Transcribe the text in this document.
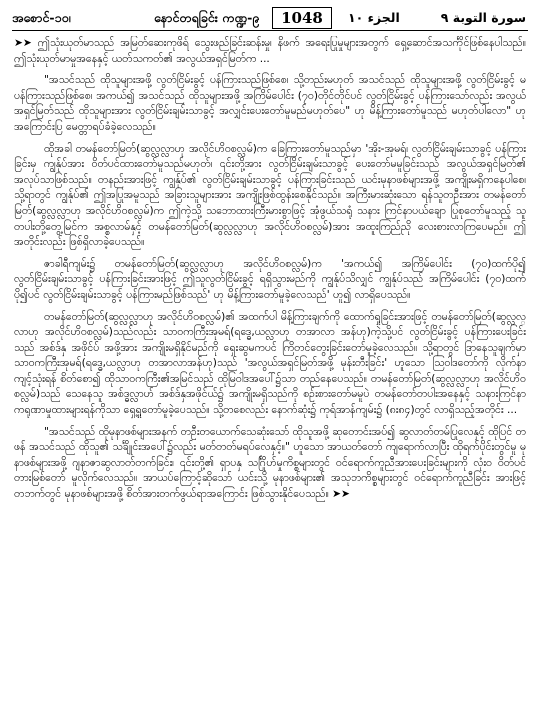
အစောင်-၁၀၊	နောင်တရခြင်း ကဏ္ဍ-၉	1048	الجزء ١٠	سورة التوبة ٩

➤➤ ဤသုံးယုတ်မာသည် အမြတ်ဆေးကုဖိရ် သွေးဖည်ခြင်းဆန်းမှု၊ နိဖက် အရေးပြုမှုများအတွက် ရှေ့ဆောင်အသင်္ကိုင်ဖြစ်နေပါသည်။ ဤသုံးယုတ်မာမှုအနေနှင့် ယတ်သကတ်၏ အလွယ်အရှင်မြတ်က ...

"အသင်သည် ထိုသူများအဖို့ လွတ်ငြိမ်းခွင့် ပန်ကြားသည်ဖြစ်စေ၊ သို့တည်းမဟုတ် အသင်သည် ထိုသူများအဖို့ လွတ်ငြိမ်းခွင့် မပန်ကြားသည်ဖြစ်စေ၊ အကယ်၍ အသင်သည် ထိုသူများအဖို့ အကြိမ်ပေါင်း (၇၀)တိုင်တိုင်ပင် လွတ်ငြိမ်းခွင့် ပန်ကြားသော်လည်း အလွယ်အရှင်မြတ်သည် ထိုသူများအား လွတ်ငြိမ်းချမ်းသာခွင့် အလျှင်းပေးတော်မူမည်မဟုတ်ပေ" ဟု မိန့်ကြားတော်မူသည် မဟုတ်ပါလော" ဟု အကြောင်းပြ မေတ္တာရပ်ခံခဲ့လေသည်။

ထိုအခါ တမန်တော်မြတ်(ဆွလ္လလ္လာဟု အလိုင်ဟိဝစလ္လမ်)က ခြေကြားတော်မူသည်မှာ 'အိုး-အုမရ်၊ လွတ်ငြိမ်းချမ်းသာခွင့် ပန်ကြားခြင်းမှ ကျွန်ုပ်အား ဝိတ်ပင်ထားတော်မူသည်မဟုတ်၊ ၎င်းတို့အား လွတ်ငြိမ်းချမ်းသာခွင့် ပေးတော်မမူခြင်းသည် အလွယ်အရှင်မြတ်၏ အလုပ်သာဖြစ်သည်။ တနည်းအားဖြင့် ကျွန်ုပ်၏ လွတ်ငြိမ်းချမ်းသာခွင့် ပန်ကြားခြင်းသည် ယင်းမုနာဖစ်များအဖို့ အကျိုးမရှိကနေပါစေ၊ သို့ရာတွင် ကျွန်ုပ်၏ ဤအပြုအမူသည် အခြားသူများအား အကျိုးဖြစ်ထွန်းစေနိုင်သည်။ အကြီးမားဆုံးသော ရန်သူတဦးအား တမန်တော်မြတ်(ဆွလ္လလ္လာဟု အလိုင်ဟိဝစလ္လမ်)က ဤကဲ့သို့ သဘောထားကြီးမားစွာဖြင့် အုံဖွယ်သရုံ သနား ကြင်နာပယ်ချော ပြုစုတော်မူသည့် သူတပါးတို့တွေ့မြင်က အစ္စလာမ်နှင့် တမန်တော်မြတ်(ဆွလ္လလ္လာဟု အလိုင်ဟိဝစလ္လမ်)အား အထူးကြည်ညို လေးစားလာကြပေမည်။ ဤအတိုင်းလည်း ဖြစ်ရှိလာခဲ့ပေသည်။

ဇာခါရီကျမ်း၌ တမန်တော်မြတ်(ဆွလ္လလ္လာဟု အလိုင်ဟိဝစလ္လမ်)က 'အကယ်၍ အကြိမ်ပေါင်း (၇၀)ထက်ပို၍ လွတ်ငြိမ်းချမ်းသာခွင့် ပန်ကြားခြင်းအားဖြင့် ဤသူလွတ်ငြိမ်းခွင့် ရရှိသွားမည်ကို ကျွန်ုပ်သိလျှင် ကျွန်ုပ်သည် အကြိမ်ပေါင်း (၇၀)ထက်ပို၍ပင် လွတ်ငြိမ်းချမ်းသာခွင့် ပန်ကြားမည်ဖြစ်သည်' ဟု မိန့်ကြားတော်မူခဲ့လေသည်' ဟူ၍ လာရှိပေသည်။

တမန်တော်မြတ်(ဆွလ္လလ္လာဟု အလိုင်ဟိဝစလ္လမ်)၏ အထက်ပါ မိန့်ကြားချက်ကို ထောက်ရှုခြင်းအားဖြင့် တမန်တော်မြတ်(ဆွလ္လလ္လာဟု အလိုင်ဟိဝစလ္လမ်)သည်လည်း သာဝကကြီးအုမရ်(ရဒ္ဓေ,ယလ္လာဟု တအာလာ အန်ဟု)ကဲ့သို့ပင် လွတ်ငြိမ်းခွင့် ပန်ကြားပေးခြင်းသည် အစ်ဒ်နှ အဖိုင်ပ် အဖို့အား အကျိုးမရှိနိုင်မည်ကို ရှေးဆွမကပင် ကြိတင်တွေးခြင်းတော်မူခဲ့လေသည်။ သို့ရာတွင် ဒြာနေသူချက်မှာ သာဝကကြီးအုမရ်(ရဒ္ဓေ,ယလ္လာဟု တအာလာအန်ဟု)သည် 'အလွယ်အရှင်မြတ်အဖို့ မုန်းတီးခြင်း' ဟူသော သြဝါဒတော်ကို လိုက်နာကျင့်သုံးရန် စိတ်စော၍ ထိုသာဝကကြီး၏အမြင်သည် ထိုမြဝါဒအပေါ်၌သာ တည်နေပေသည်။ တမန်တော်မြတ်(ဆွလ္လလ္လာဟု အလိုင်ဟိဝစလ္လမ်)သည် သေနေသူ အစ်ဒ္ဓလ္လာဟ် အစ်ဒ်နှအဖိုင်ယ်၌ အကျိုးမရှိသည်ကို စဉ်းစားတော်မမူပဲ တမန်တော်တပါးအနေနှင့် သနားကြင်နာ ကရုဏာမှုထားများရန်ကိုသာ ရှေ့ရှုတော်မူခဲ့ပေသည်။ သို့တစေလည်း နောက်ဆုံး၌ ကုရ်အာန်ကျမ်း၌ (၈း၈၄)တွင် လာရှိသည့်အတိုင်း ...

"အသင်သည် ထိုမုနာဖစ်များအနက် တဦးတယောက်သေဆုံးသော် ထိုသူအဖို့ ဆုတောင်းအပ်၍ ဆွလာတ်တမ်ပြုလေနှင့် ထိုပြင် တဖန် အသင်သည် ထိုသူ၏ သင်္ချိုင်းအပေါ်၌လည်း မတ်တတ်မရပ်လေနှင့်။" ဟူသော အာယတ်တော် ကျရောက်လာပြီး ထိုရက်ပိုင်းတွင်မူ မုနာဖစ်များအဖို့ ဂျနာဇာဆွလာတ်တက်ခြင်း၊ ၎င်းတို့၏ ရှာပနှ သင်္ဂြိုဟ်မှုကိစ္စများတွင် ဝင်ရောက်ကူညီအားပေးခြင်းများကို လုံးဝ ဝိတ်ပင် တားမြစ်တော် မူလိုက်လေသည်။ အာယပ်ကြောင့်ဆိုသော် ယင်းသို့ မုနာဖစ်များ၏ အသုဘကိစ္စများတွင် ဝင်ရောက်ကူညီခြင်း အားဖြင့် တဘက်တွင် မုနာဖစ်များအဖို့ စိတ်အားတက်ဖွယ်ရာအကြောင်း ဖြစ်သွားနိုင်ပေသည်။ ➤➤
